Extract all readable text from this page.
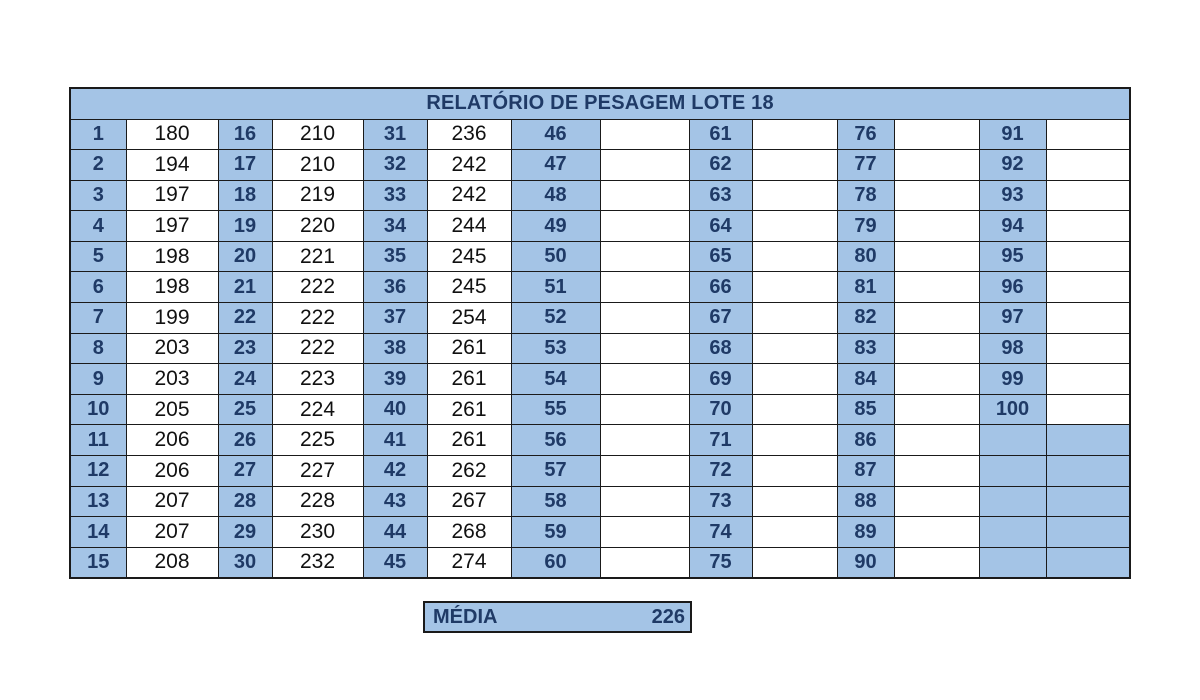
RELATÓRIO DE PESAGEM LOTE 18													
1	180	16	210	31	236	46		61		76		91	
2	194	17	210	32	242	47		62		77		92	
3	197	18	219	33	242	48		63		78		93	
4	197	19	220	34	244	49		64		79		94	
5	198	20	221	35	245	50		65		80		95	
6	198	21	222	36	245	51		66		81		96	
7	199	22	222	37	254	52		67		82		97	
8	203	23	222	38	261	53		68		83		98	
9	203	24	223	39	261	54		69		84		99	
10	205	25	224	40	261	55		70		85		100	
11	206	26	225	41	261	56		71		86			
12	206	27	227	42	262	57		72		87			
13	207	28	228	43	267	58		73		88			
14	207	29	230	44	268	59		74		89			
15	208	30	232	45	274	60		75		90			
MÉDIA	226
